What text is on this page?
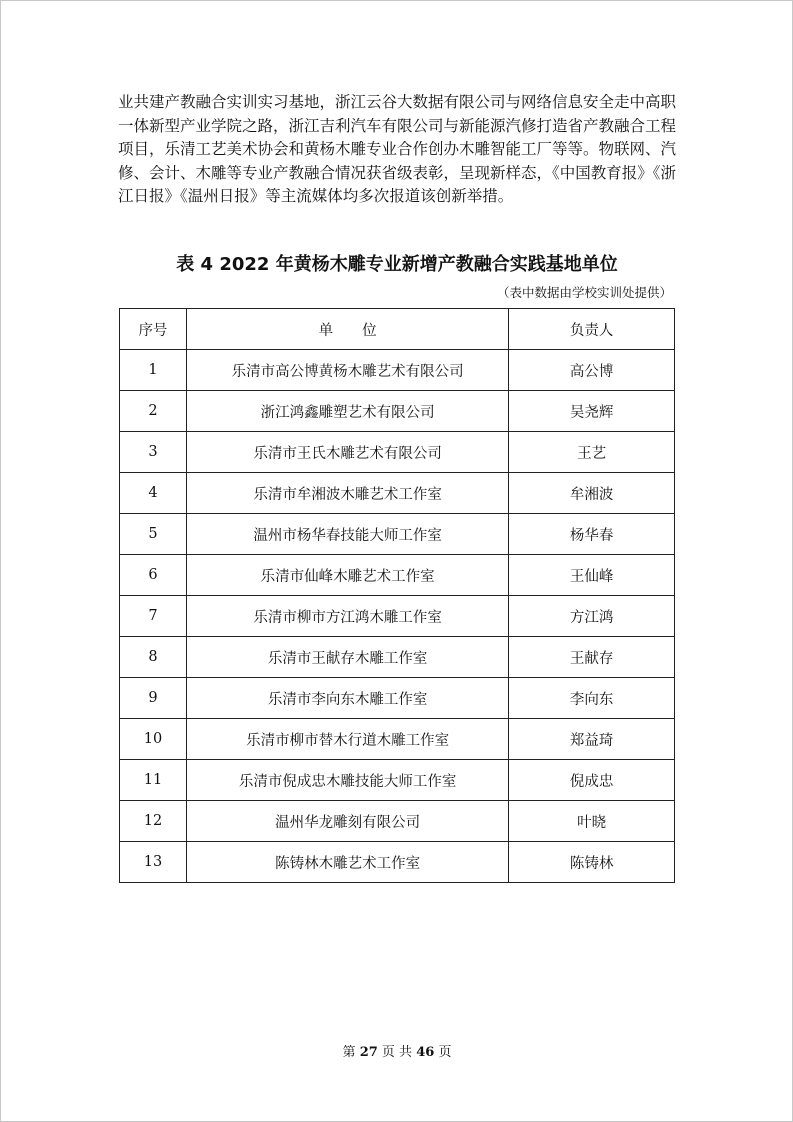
业共建产教融合实训实习基地，浙江云谷大数据有限公司与网络信息安全走中高职一体新型产业学院之路，浙江吉利汽车有限公司与新能源汽修打造省产教融合工程项目，乐清工艺美术协会和黄杨木雕专业合作创办木雕智能工厂等等。物联网、汽修、会计、木雕等专业产教融合情况获省级表彰，呈现新样态，《中国教育报》《浙江日报》《温州日报》等主流媒体均多次报道该创新举措。

表 4 2022 年黄杨木雕专业新增产教融合实践基地单位
（表中数据由学校实训处提供）
序号	单　　位	负责人
1	乐清市高公博黄杨木雕艺术有限公司	高公博
2	浙江鸿鑫雕塑艺术有限公司	吴尧辉
3	乐清市王氏木雕艺术有限公司	王艺
4	乐清市牟湘波木雕艺术工作室	牟湘波
5	温州市杨华春技能大师工作室	杨华春
6	乐清市仙峰木雕艺术工作室	王仙峰
7	乐清市柳市方江鸿木雕工作室	方江鸿
8	乐清市王献存木雕工作室	王献存
9	乐清市李向东木雕工作室	李向东
10	乐清市柳市替木行道木雕工作室	郑益琦
11	乐清市倪成忠木雕技能大师工作室	倪成忠
12	温州华龙雕刻有限公司	叶晓
13	陈铸林木雕艺术工作室	陈铸林
第 27 页 共 46 页
